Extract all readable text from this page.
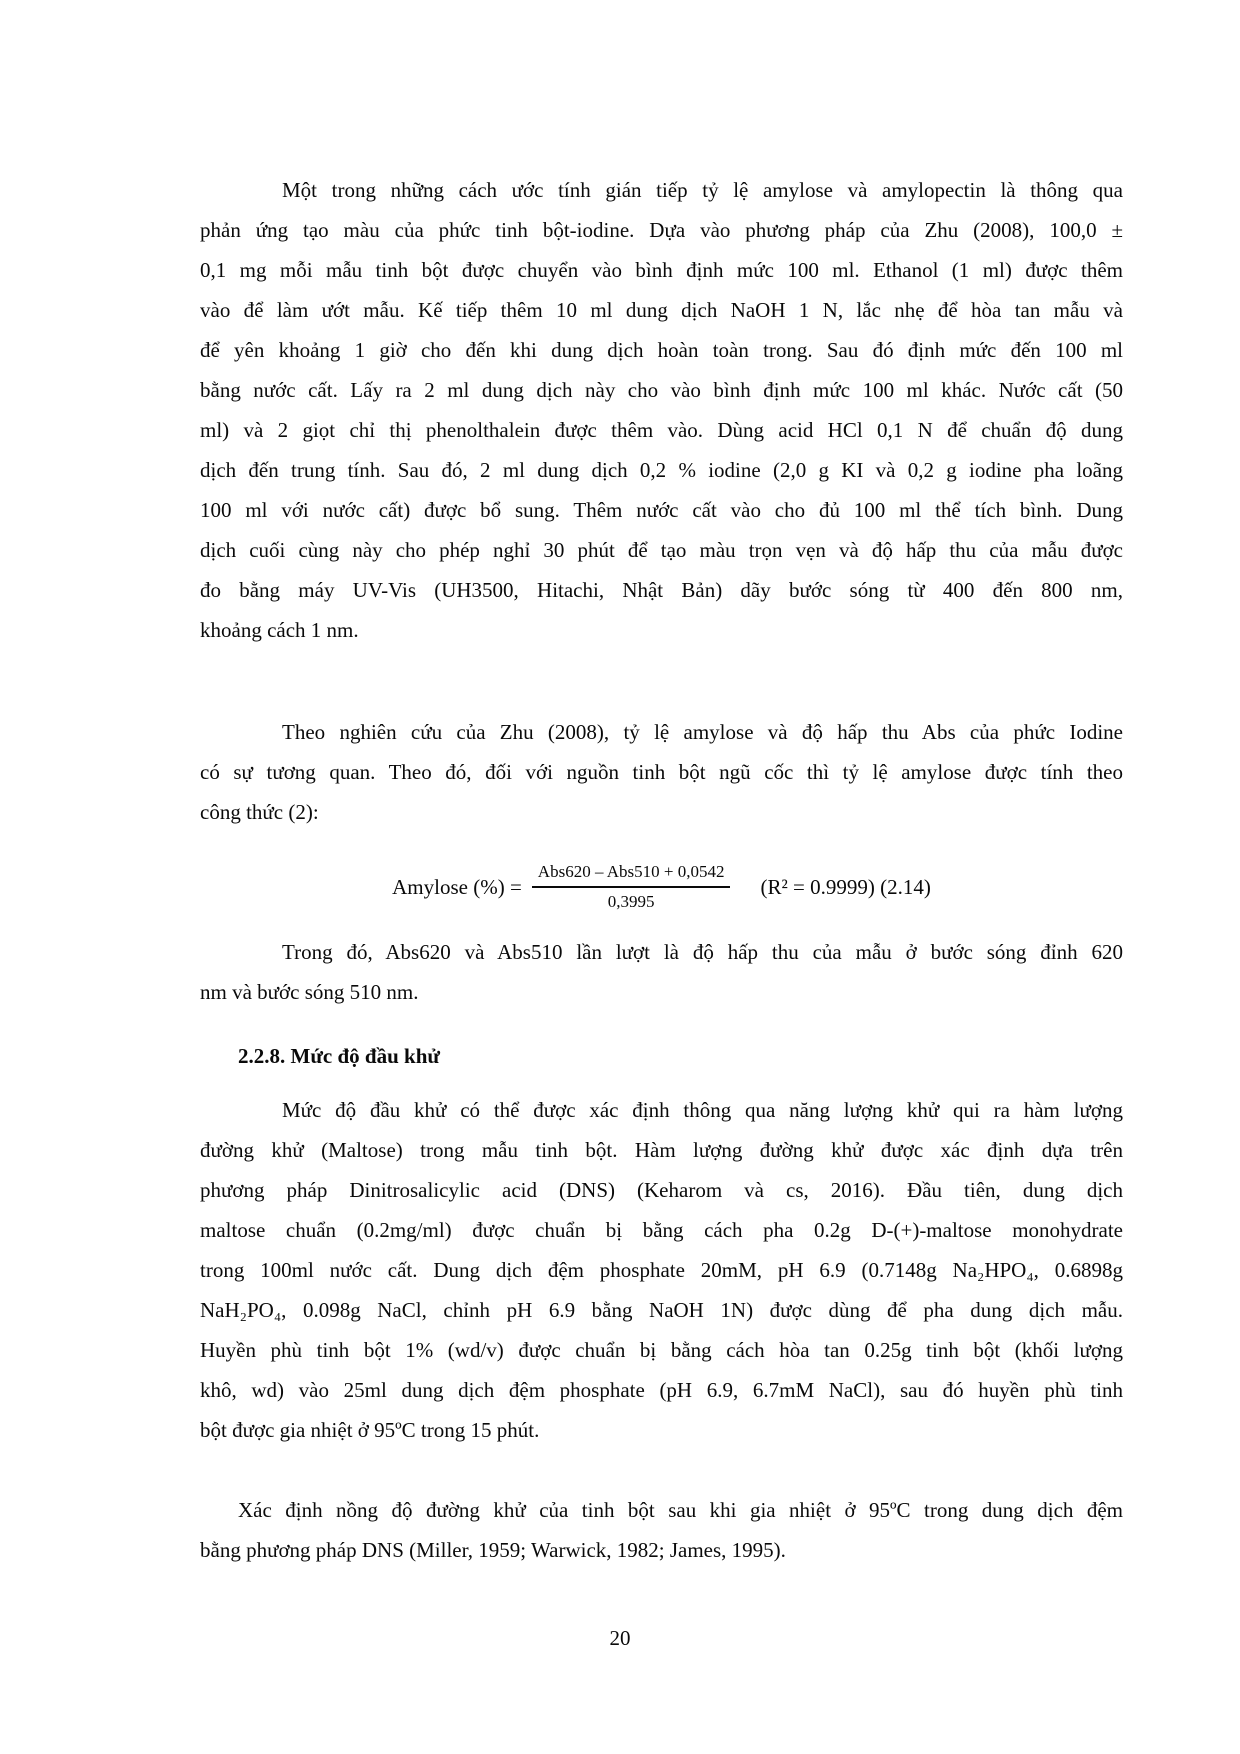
Một trong những cách ước tính gián tiếp tỷ lệ amylose và amylopectin là thông qua
phản ứng tạo màu của phức tinh bột-iodine. Dựa vào phương pháp của Zhu (2008), 100,0 ±
0,1 mg mỗi mẫu tinh bột được chuyển vào bình định mức 100 ml. Ethanol (1 ml) được thêm
vào để làm ướt mẫu. Kế tiếp thêm 10 ml dung dịch NaOH 1 N, lắc nhẹ để hòa tan mẫu và
để yên khoảng 1 giờ cho đến khi dung dịch hoàn toàn trong. Sau đó định mức đến 100 ml
bằng nước cất. Lấy ra 2 ml dung dịch này cho vào bình định mức 100 ml khác. Nước cất (50
ml) và 2 giọt chỉ thị phenolthalein được thêm vào. Dùng acid HCl 0,1 N để chuẩn độ dung
dịch đến trung tính. Sau đó, 2 ml dung dịch 0,2 % iodine (2,0 g KI và 0,2 g iodine pha loãng
100 ml với nước cất) được bổ sung. Thêm nước cất vào cho đủ 100 ml thể tích bình. Dung
dịch cuối cùng này cho phép nghỉ 30 phút để tạo màu trọn vẹn và độ hấp thu của mẫu được
đo bằng máy UV-Vis (UH3500, Hitachi, Nhật Bản) dãy bước sóng từ 400 đến 800 nm,
khoảng cách 1 nm.
Theo nghiên cứu của Zhu (2008), tỷ lệ amylose và độ hấp thu Abs của phức Iodine
có sự tương quan. Theo đó, đối với nguồn tinh bột ngũ cốc thì tỷ lệ amylose được tính theo
công thức (2):
Amylose (%) = $\frac{\text{Abs620 – Abs510 + 0,0542}}{0,3995} (R^2 = 0.9999)$ (2.14)
Trong đó, Abs620 và Abs510 lần lượt là độ hấp thu của mẫu ở bước sóng đỉnh 620
nm và bước sóng 510 nm.
2.2.8. Mức độ đầu khử
Mức độ đầu khử có thể được xác định thông qua năng lượng khử qui ra hàm lượng
đường khử (Maltose) trong mẫu tinh bột. Hàm lượng đường khử được xác định dựa trên
phương pháp Dinitrosalicylic acid (DNS) (Keharom và cs, 2016). Đầu tiên, dung dịch
maltose chuẩn (0.2mg/ml) được chuẩn bị bằng cách pha 0.2g D-(+)-maltose monohydrate
trong 100ml nước cất. Dung dịch đệm phosphate 20mM, pH 6.9 (0.7148g Na₂HPO₄, 0.6898g
NaH₂PO₄, 0.098g NaCl, chỉnh pH 6.9 bằng NaOH 1N) được dùng để pha dung dịch mẫu.
Huyền phù tinh bột 1% (wd/v) được chuẩn bị bằng cách hòa tan 0.25g tinh bột (khối lượng
khô, wd) vào 25ml dung dịch đệm phosphate (pH 6.9, 6.7mM NaCl), sau đó huyền phù tinh
bột được gia nhiệt ở 95ºC trong 15 phút.
Xác định nồng độ đường khử của tinh bột sau khi gia nhiệt ở 95ºC trong dung dịch đệm
bằng phương pháp DNS (Miller, 1959; Warwick, 1982; James, 1995).
20
